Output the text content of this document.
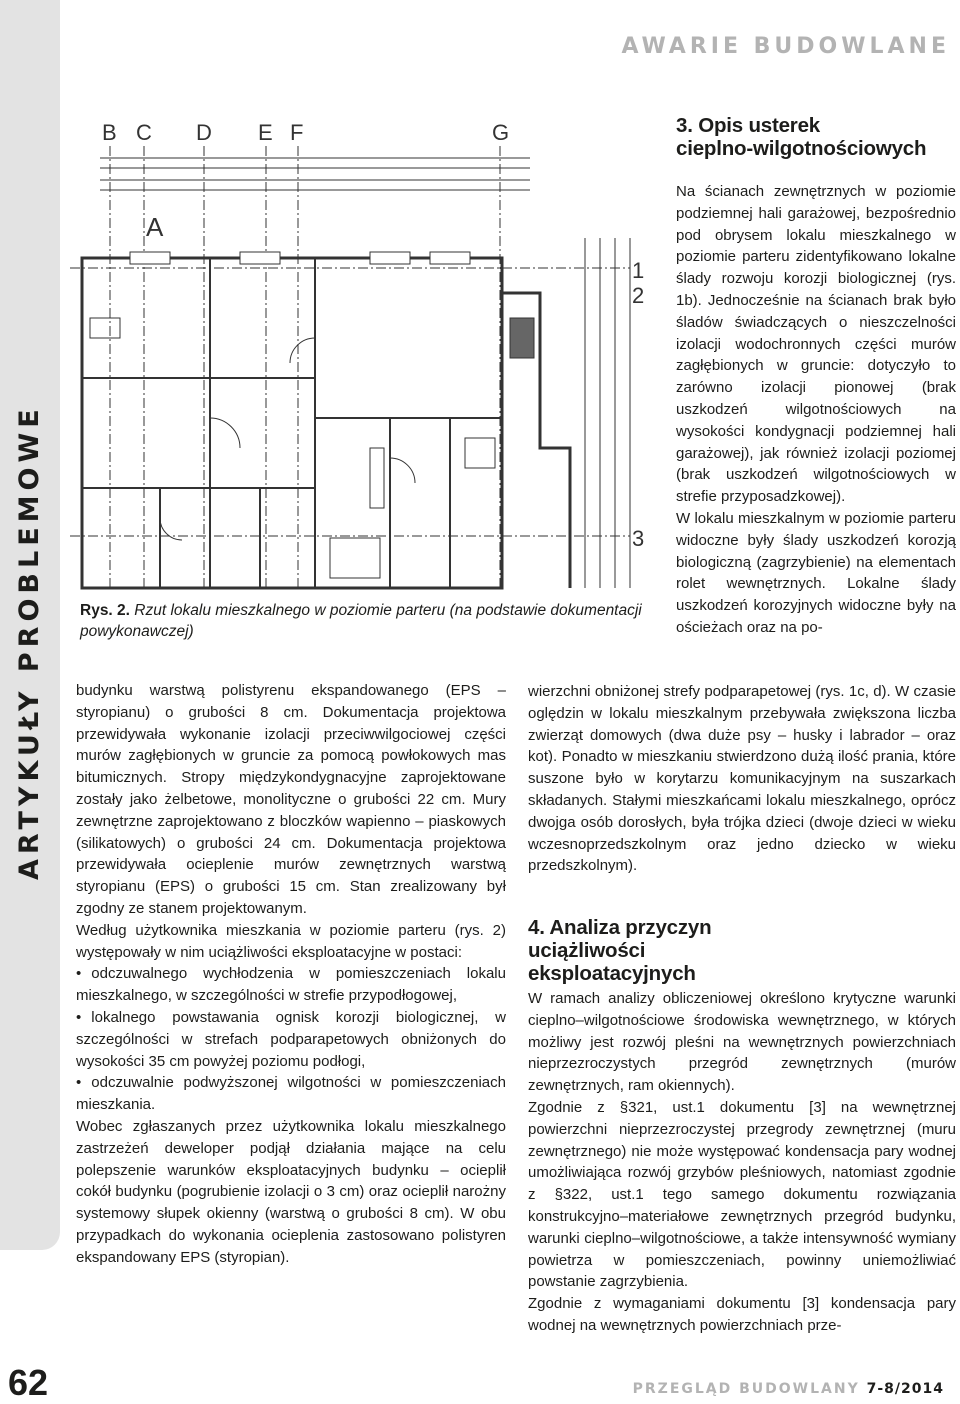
ARTYKUŁY PROBLEMOWE
AWARIE BUDOWLANE
B C D E F	G
1
2
3
A
Rys. 2. Rzut lokalu mieszkalnego w poziomie parteru (na podstawie dokumentacji powykonawczej)

budynku warstwą polistyrenu ekspandowanego (EPS – styropianu) o grubości 8 cm. Dokumentacja projektowa przewidywała wykonanie izolacji przeciwwilgociowej części murów zagłębionych w gruncie za pomocą powłokowych mas bitumicznych. Stropy międzykondygnacyjne zaprojektowane zostały jako żelbetowe, monolityczne o grubości 22 cm. Mury zewnętrzne zaprojektowano z bloczków wapienno – piaskowych (silikatowych) o grubości 24 cm. Dokumentacja projektowa przewidywała ocieplenie murów zewnętrznych warstwą styropianu (EPS) o grubości 15 cm. Stan zrealizowany był zgodny ze stanem projektowanym.

Według użytkownika mieszkania w poziomie parteru (rys. 2) występowały w nim uciążliwości eksploatacyjne w postaci:

• odczuwalnego wychłodzenia w pomieszczeniach lokalu mieszkalnego, w szczególności w strefie przypodłogowej,
• lokalnego powstawania ognisk korozji biologicznej, w szczególności w strefach podparapetowych obniżonych do wysokości 35 cm powyżej poziomu podłogi,
• odczuwalnie podwyższonej wilgotności w pomieszczeniach mieszkania.

Wobec zgłaszanych przez użytkownika lokalu mieszkalnego zastrzeżeń deweloper podjął działania mające na celu polepszenie warunków eksploatacyjnych budynku – ocieplił cokół budynku (pogrubienie izolacji o 3 cm) oraz ocieplił narożny systemowy słupek okienny (warstwą o grubości 8 cm). W obu przypadkach do wykonania ocieplenia zastosowano polistyren ekspandowany EPS (styropian).

3. Opis usterek
cieplno-wilgotnościowych

Na ścianach zewnętrznych w poziomie podziemnej hali garażowej, bezpośrednio pod obrysem lokalu mieszkalnego w poziomie parteru zidentyfikowano lokalne ślady rozwoju korozji biologicznej (rys. 1b). Jednocześnie na ścianach brak było śladów świadczących o nieszczelności izolacji wodochronnych części murów zagłębionych w gruncie: dotyczyło to zarówno izolacji pionowej (brak uszkodzeń wilgotnościowych na wysokości kondygnacji podziemnej hali garażowej), jak również izolacji poziomej (brak uszkodzeń wilgotnościowych w strefie przyposadzkowej).

W lokalu mieszkalnym w poziomie parteru widoczne były ślady uszkodzeń korozją biologiczną (zagrzybienie) na elementach rolet wewnętrznych. Lokalne ślady uszkodzeń korozyjnych widoczne były na ościeżach oraz na po-

wierzchni obniżonej strefy podparapetowej (rys. 1c, d). W czasie oględzin w lokalu mieszkalnym przebywała zwiększona liczba zwierząt domowych (dwa duże psy – husky i labrador – oraz kot). Ponadto w mieszkaniu stwierdzono dużą ilość prania, które suszone było w korytarzu komunikacyjnym na suszarkach składanych. Stałymi mieszkańcami lokalu mieszkalnego, oprócz dwojga osób dorosłych, była trójka dzieci (dwoje dzieci w wieku wczesnoprzedszkolnym oraz jedno dziecko w wieku przedszkolnym).

4. Analiza przyczyn uciążliwości
eksploatacyjnych

W ramach analizy obliczeniowej określono krytyczne warunki cieplno–wilgotnościowe środowiska wewnętrznego, w których możliwy jest rozwój pleśni na wewnętrznych powierzchniach nieprzezroczystych przegród zewnętrznych (murów zewnętrznych, ram okiennych).

Zgodnie z §321, ust.1 dokumentu [3] na wewnętrznej powierzchni nieprzezroczystej przegrody zewnętrznej (muru zewnętrznego) nie może występować kondensacja pary wodnej umożliwiająca rozwój grzybów pleśniowych, natomiast zgodnie z §322, ust.1 tego samego dokumentu rozwiązania konstrukcyjno–materiałowe zewnętrznych przegród budynku, warunki cieplno–wilgotnościowe, a także intensywność wymiany powietrza w pomieszczeniach, powinny uniemożliwiać powstanie zagrzybienia.

Zgodnie z wymaganiami dokumentu [3] kondensacja pary wodnej na wewnętrznych powierzchniach prze-

62	PRZEGLĄD BUDOWLANY 7-8/2014
